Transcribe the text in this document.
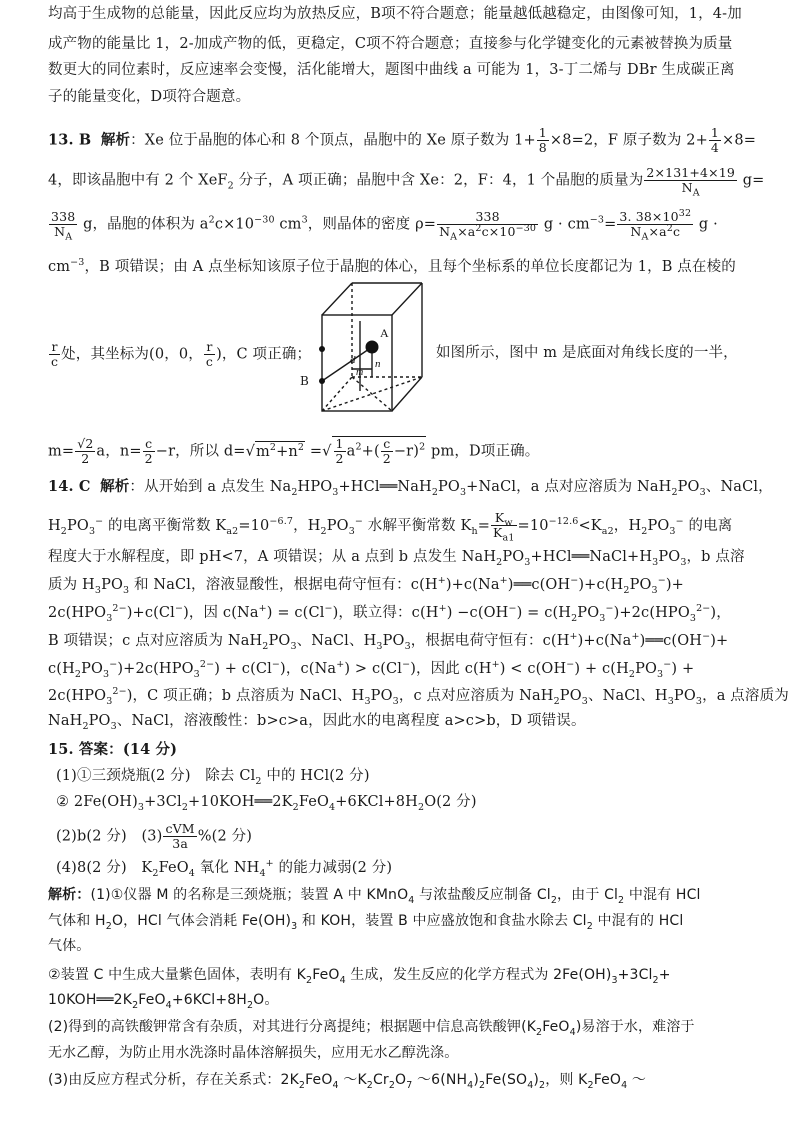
均高于生成物的总能量，因此反应均为放热反应，B项不符合题意；能量越低越稳定，由图像可知，1，4-加
成产物的能量比 1，2-加成产物的低，更稳定，C项不符合题意；直接参与化学键变化的元素被替换为质量
数更大的同位素时，反应速率会变慢，活化能增大，题图中曲线 a 可能为 1，3-丁二烯与 DBr 生成碳正离
子的能量变化，D项符合题意。
13. B 解析：Xe 位于晶胞的体心和 8 个顶点，晶胞中的 Xe 原子数为 $1+ \frac{1}{8} \times 8=2$，F 原子数为 $2+ \frac{1}{4} \times 8=$
4，即该晶胞中有 2 个 XeF$_2$ 分子，A 项正确；晶胞中含 Xe：2，F：4，1 个晶胞的质量为 $\frac{2\times 131+4\times 19}{N_A} g=$
$\frac{338}{N_A}$ g，晶胞的体积为 $a^2c\times 10^{-30}$ $cm^3$，则晶体的密度 $\rho= \frac{338}{N_A\times a^2c\times 10^{-30}}$ $g \cdot cm^{-3}= \frac{3. 38\times 10^{32}}{N_A\times a^2c}$ g ·
$cm^{-3}$，B 项错误；由 A 点坐标知该原子位于晶胞的体心，且每个坐标系的单位长度都记为 1，B 点在棱的
A
d
m
n
B
$\frac{r}{c}$ 处，其坐标为(0，0， $\frac{r}{c}$ )，C 项正确；	如图所示，图中 m 是底面对角线长度的一半，
$m= \frac{√2}{2}$ a，$n= \frac{c}{2} -r$，所以 $d=√m^2+n^2$ =√ $\frac{1}{2} a^2+( \frac{c}{2} -r)^2$ pm，D项正确。
14. C 解析：从开始到 a 点发生 $Na_2HPO_3+HCl══NaH_2PO_3+NaCl$，a 点对应溶质为 $NaH_2PO_3$、NaCl，
$H_2PO_3^-$ 的电离平衡常数 $K_{a2}=10^{-6.7}$，$H_2PO_3^-$ 水解平衡常数 $K_h= \frac{K_w}{K_{a1}} =10^{-12.6}<K_{a2}$，$H_2PO_3^-$ 的电离
程度大于水解程度，即 pH<7，A 项错误；从 a 点到 b 点发生 $NaH_2PO_3+HCl══NaCl+H_3PO_3$，b 点溶
质为 $H_3PO_3$ 和 NaCl，溶液显酸性，根据电荷守恒有：$c(H^+)+c(Na^+)══c(OH^-)+c(H_2PO_3^-)+$
$2c(HPO_3^{2-})+c(Cl^-)$，因 c(Na+) = c(Cl−)，联立得：$c(H^+) -c(OH^-) = c(H_2PO_3^-)+2c(HPO_3^{2-})$，
B 项错误；c 点对应溶质为 $NaH_2PO_3$、NaCl、$H_3PO_3$，根据电荷守恒有：c(H+)+c(Na+)══c(OH−)+
$c(H_2PO_3^-)+2c(HPO_3^{2-}) + c(Cl^-)$，c(Na+) > c(Cl−)，因此 $c(H^+) < c(OH^-) + c(H_2PO_3^-)$ +
$2c(HPO_3^{2-})$，C 项正确；b 点溶质为 NaCl、$H_3PO_3$，c 点对应溶质为 $NaH_2PO_3$、NaCl、$H_3PO_3$，a 点溶质为
$NaH_2PO_3$、NaCl，溶液酸性：b>c>a，因此水的电离程度 a>c>b，D 项错误。
15. 答案：(14 分)
(1)①三颈烧瓶(2 分)　除去 $Cl_2$ 中的 HCl(2 分)
② $2Fe(OH)_3+3Cl_2+10KOH══2K_2FeO_4+6KCl+8H_2O(2$ 分)
(2)b(2 分)　$(3) \frac{\text{cVM}}{3a} \%(2$ 分)
(4)8(2 分)　$K_2FeO_4$ 氧化 $NH_4^+$ 的能力减弱(2 分)
解析：(1)①仪器 M 的名称是三颈烧瓶；装置 A 中 KMnO$_4$ 与浓盐酸反应制备 $Cl_2$，由于 $Cl_2$ 中混有 HCl
气体和 $H_2O$，HCl 气体会消耗 $Fe(OH)_3$ 和 KOH，装置 B 中应盛放饱和食盐水除去 $Cl_2$ 中混有的 HCl
气体。
②装置 C 中生成大量紫色固体，表明有 $K_2FeO_4$ 生成，发生反应的化学方程式为 $2Fe(OH)_3+3Cl_2+$
$10KOH══2K_2FeO_4+6KCl+8H_2O$。
(2)得到的高铁酸钾常含有杂质，对其进行分离提纯；根据题中信息高铁酸钾$(K_2FeO_4)$易溶于水，难溶于
无水乙醇，为防止用水洗涤时晶体溶解损失，应用无水乙醇洗涤。
(3)由反应方程式分析，存在关系式：$2K_2FeO_4$ $\sim K_2Cr_2O_7$ $\sim 6(NH_4)_2Fe(SO_4)_2$，则 $K_2FeO_4$ ～
